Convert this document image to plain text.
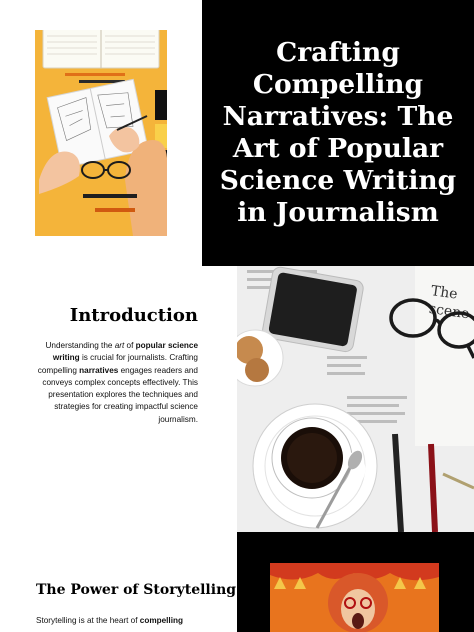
Crafting Compelling Narratives: The Art of Popular Science Writing in Journalism
Introduction

Understanding the art of popular science writing is crucial for journalists. Crafting compelling narratives engages readers and conveys complex concepts effectively. This presentation explores the techniques and strategies for creating impactful science journalism.

The
scene
The Power of Storytelling

Storytelling is at the heart of compelling
